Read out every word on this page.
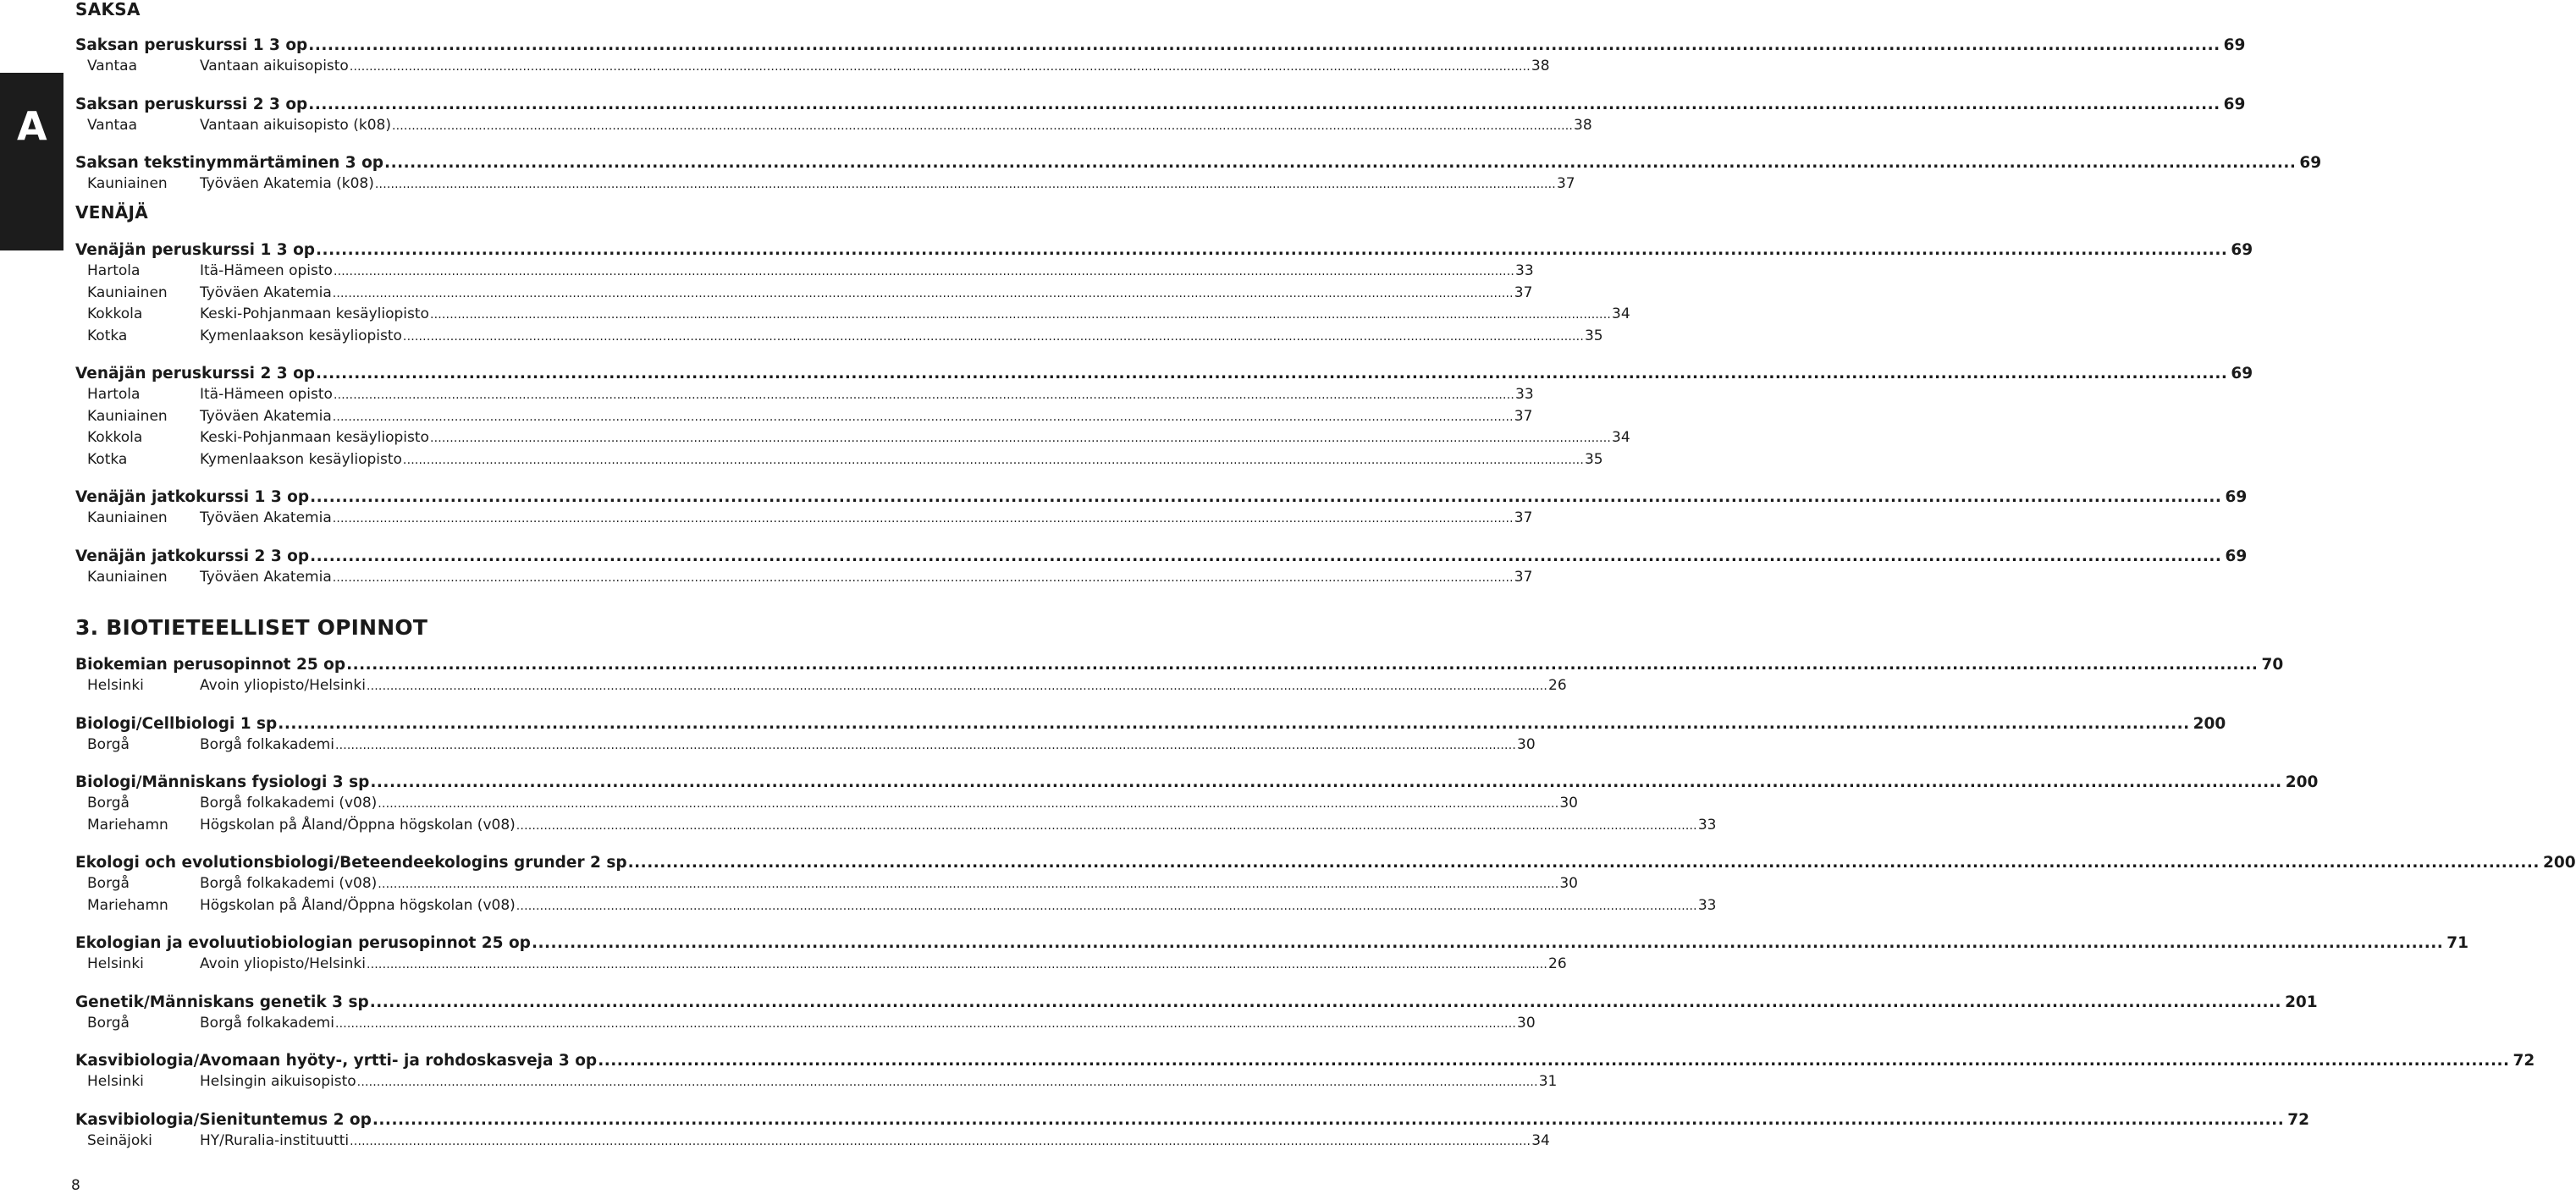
A
SAKSA
Saksan peruskurssi 1 3 op ............................................................................................................................................................................................................................................................................................................ 69
Vantaa	Vantaan aikuisopisto ............................................................................................................................................................................................................................................................................................................ 38
Saksan peruskurssi 2 3 op ............................................................................................................................................................................................................................................................................................................ 69
Vantaa	Vantaan aikuisopisto (k08) ............................................................................................................................................................................................................................................................................................................ 38
Saksan tekstinymmärtäminen 3 op ............................................................................................................................................................................................................................................................................................................ 69
Kauniainen	Työväen Akatemia (k08) ............................................................................................................................................................................................................................................................................................................ 37
VENÄJÄ
Venäjän peruskurssi 1 3 op ............................................................................................................................................................................................................................................................................................................ 69
Hartola	Itä-Hämeen opisto ............................................................................................................................................................................................................................................................................................................ 33
Kauniainen	Työväen Akatemia ............................................................................................................................................................................................................................................................................................................ 37
Kokkola	Keski-Pohjanmaan kesäyliopisto ............................................................................................................................................................................................................................................................................................................ 34
Kotka	Kymenlaakson kesäyliopisto ............................................................................................................................................................................................................................................................................................................ 35
Venäjän peruskurssi 2 3 op ............................................................................................................................................................................................................................................................................................................ 69
Hartola	Itä-Hämeen opisto ............................................................................................................................................................................................................................................................................................................ 33
Kauniainen	Työväen Akatemia ............................................................................................................................................................................................................................................................................................................ 37
Kokkola	Keski-Pohjanmaan kesäyliopisto ............................................................................................................................................................................................................................................................................................................ 34
Kotka	Kymenlaakson kesäyliopisto ............................................................................................................................................................................................................................................................................................................ 35
Venäjän jatkokurssi 1 3 op ............................................................................................................................................................................................................................................................................................................ 69
Kauniainen	Työväen Akatemia ............................................................................................................................................................................................................................................................................................................ 37
Venäjän jatkokurssi 2 3 op ............................................................................................................................................................................................................................................................................................................ 69
Kauniainen	Työväen Akatemia ............................................................................................................................................................................................................................................................................................................ 37
3. BIOTIETEELLISET OPINNOT
Biokemian perusopinnot 25 op ............................................................................................................................................................................................................................................................................................................ 70
Helsinki	Avoin yliopisto/Helsinki ............................................................................................................................................................................................................................................................................................................ 26
Biologi/Cellbiologi 1 sp ............................................................................................................................................................................................................................................................................................................ 200
Borgå	Borgå folkakademi ............................................................................................................................................................................................................................................................................................................ 30
Biologi/Människans fysiologi 3 sp ............................................................................................................................................................................................................................................................................................................ 200
Borgå	Borgå folkakademi (v08) ............................................................................................................................................................................................................................................................................................................ 30
Mariehamn	Högskolan på Åland/Öppna högskolan (v08) ............................................................................................................................................................................................................................................................................................................ 33
Ekologi och evolutionsbiologi/Beteendeekologins grunder 2 sp ............................................................................................................................................................................................................................................................................................................ 200
Borgå	Borgå folkakademi (v08) ............................................................................................................................................................................................................................................................................................................ 30
Mariehamn	Högskolan på Åland/Öppna högskolan (v08) ............................................................................................................................................................................................................................................................................................................ 33
Ekologian ja evoluutiobiologian perusopinnot 25 op ............................................................................................................................................................................................................................................................................................................ 71
Helsinki	Avoin yliopisto/Helsinki ............................................................................................................................................................................................................................................................................................................ 26
Genetik/Människans genetik 3 sp ............................................................................................................................................................................................................................................................................................................ 201
Borgå	Borgå folkakademi ............................................................................................................................................................................................................................................................................................................ 30
Kasvibiologia/Avomaan hyöty-, yrtti- ja rohdoskasveja 3 op ............................................................................................................................................................................................................................................................................................................ 72
Helsinki	Helsingin aikuisopisto ............................................................................................................................................................................................................................................................................................................ 31
Kasvibiologia/Sienituntemus 2 op ............................................................................................................................................................................................................................................................................................................ 72
Seinäjoki	HY/Ruralia-instituutti ............................................................................................................................................................................................................................................................................................................ 34
8
